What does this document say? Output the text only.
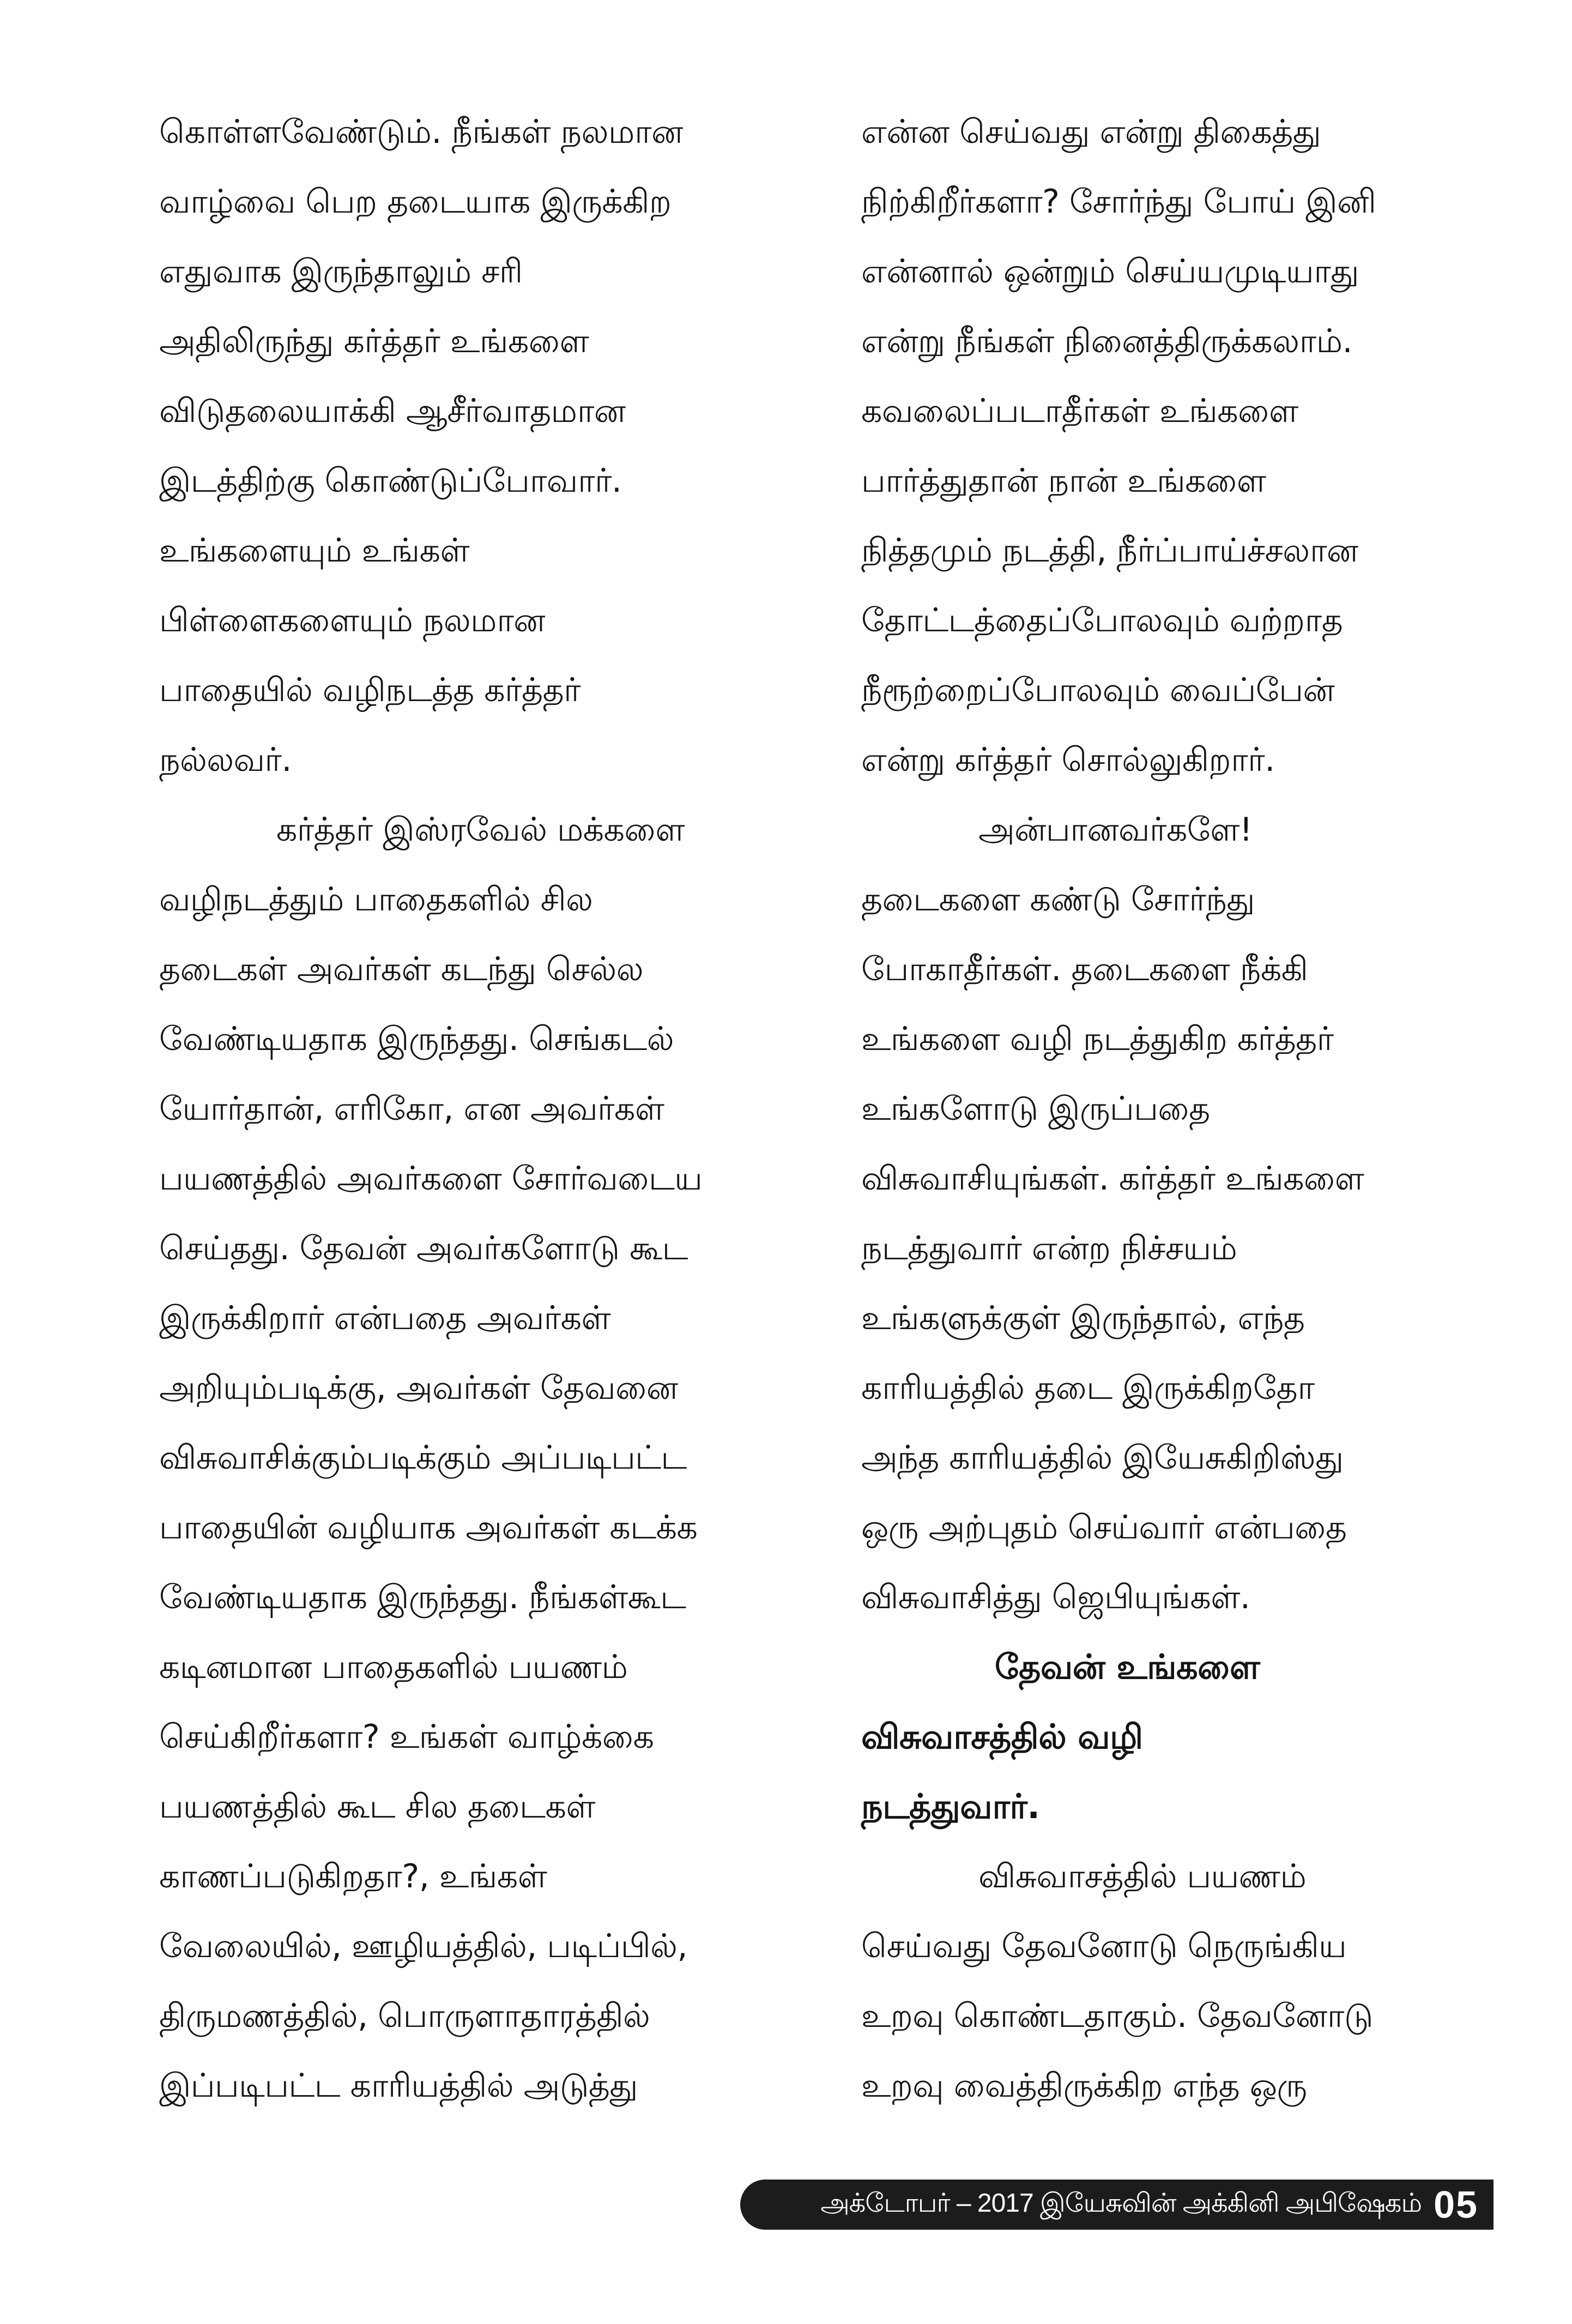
கொள்ளவேண்டும். நீங்கள் நலமான
வாழ்வை பெற தடையாக இருக்கிற
எதுவாக இருந்தாலும் சரி
அதிலிருந்து கர்த்தர் உங்களை
விடுதலையாக்கி ஆசீர்வாதமான
இடத்திற்கு கொண்டுப்போவார்.
உங்களையும் உங்கள்
பிள்ளைகளையும் நலமான
பாதையில் வழிநடத்த கர்த்தர்
நல்லவர்.
கர்த்தர் இஸ்ரவேல் மக்களை
வழிநடத்தும் பாதைகளில் சில
தடைகள் அவர்கள் கடந்து செல்ல
வேண்டியதாக இருந்தது. செங்கடல்
யோர்தான், எரிகோ, என அவர்கள்
பயணத்தில் அவர்களை சோர்வடைய
செய்தது. தேவன் அவர்களோடு கூட
இருக்கிறார் என்பதை அவர்கள்
அறியும்படிக்கு, அவர்கள் தேவனை
விசுவாசிக்கும்படிக்கும் அப்படிபட்ட
பாதையின் வழியாக அவர்கள் கடக்க
வேண்டியதாக இருந்தது. நீங்கள்கூட
கடினமான பாதைகளில் பயணம்
செய்கிறீர்களா? உங்கள் வாழ்க்கை
பயணத்தில் கூட சில தடைகள்
காணப்படுகிறதா?, உங்கள்
வேலையில், ஊழியத்தில், படிப்பில்,
திருமணத்தில், பொருளாதாரத்தில்
இப்படிபட்ட காரியத்தில் அடுத்து
என்ன செய்வது என்று திகைத்து
நிற்கிறீர்களா? சோர்ந்து போய் இனி
என்னால் ஒன்றும் செய்யமுடியாது
என்று நீங்கள் நினைத்திருக்கலாம்.
கவலைப்படாதீர்கள் உங்களை
பார்த்துதான் நான் உங்களை
நித்தமும் நடத்தி, நீர்ப்பாய்ச்சலான
தோட்டத்தைப்போலவும் வற்றாத
நீரூற்றைப்போலவும் வைப்பேன்
என்று கர்த்தர் சொல்லுகிறார்.
அன்பானவர்களே!
தடைகளை கண்டு சோர்ந்து
போகாதீர்கள். தடைகளை நீக்கி
உங்களை வழி நடத்துகிற கர்த்தர்
உங்களோடு இருப்பதை
விசுவாசியுங்கள். கர்த்தர் உங்களை
நடத்துவார் என்ற நிச்சயம்
உங்களுக்குள் இருந்தால், எந்த
காரியத்தில் தடை இருக்கிறதோ
அந்த காரியத்தில் இயேசுகிறிஸ்து
ஒரு அற்புதம் செய்வார் என்பதை
விசுவாசித்து ஜெபியுங்கள்.
தேவன் உங்களை
விசுவாசத்தில் வழி
நடத்துவார்.
விசுவாசத்தில் பயணம்
செய்வது தேவனோடு நெருங்கிய
உறவு கொண்டதாகும். தேவனோடு
உறவு வைத்திருக்கிற எந்த ஒரு
அக்டோபர் – 2017 இயேசுவின் அக்கினி அபிஷேகம் 05
